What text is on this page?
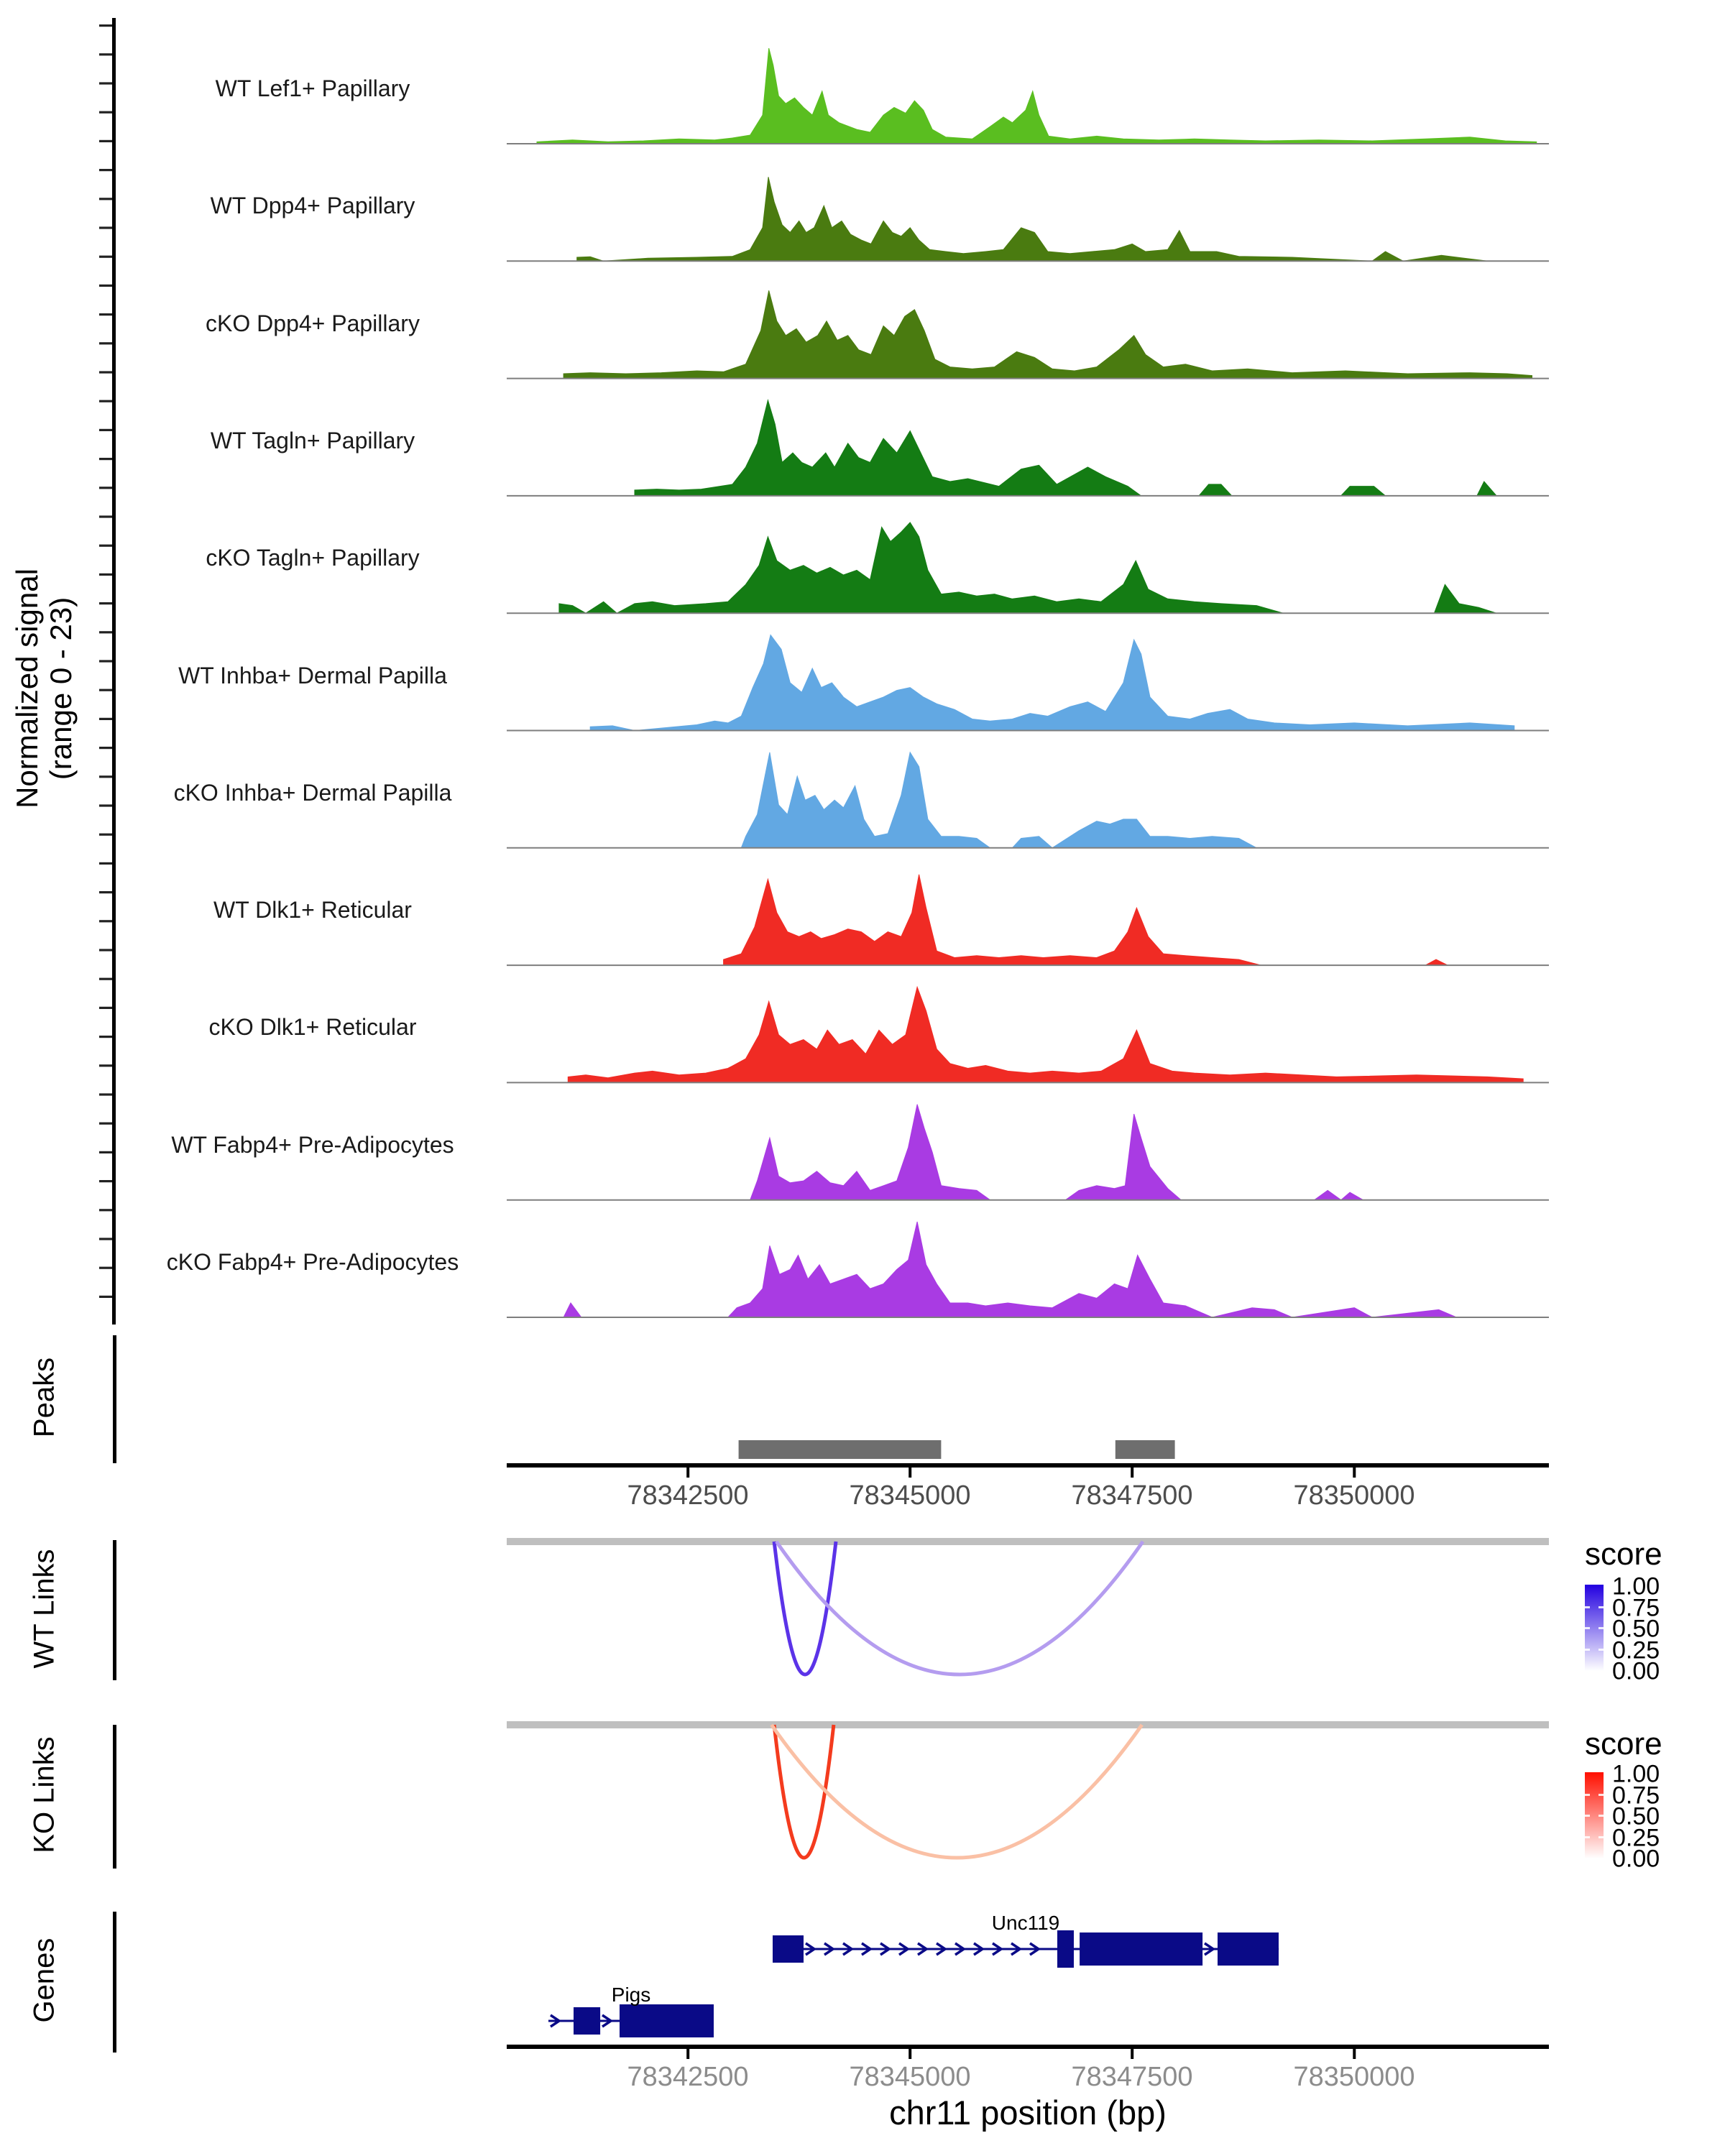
Normalized signal (range 0 - 23)
WT Lef1+ Papillary
WT Dpp4+ Papillary
cKO Dpp4+ Papillary
WT Tagln+ Papillary
cKO Tagln+ Papillary
WT Inhba+ Dermal Papilla
cKO Inhba+ Dermal Papilla
WT Dlk1+ Reticular
cKO Dlk1+ Reticular
WT Fabp4+ Pre-Adipocytes
cKO Fabp4+ Pre-Adipocytes
Peaks
WT Links
KO Links
Genes
78342500	78345000	78347500	78350000
78342500	78345000	78347500	78350000
Unc119
Pigs
score
1.00
0.75
0.50
0.25
0.00
score
1.00
0.75
0.50
0.25
0.00
chr11 position (bp)
